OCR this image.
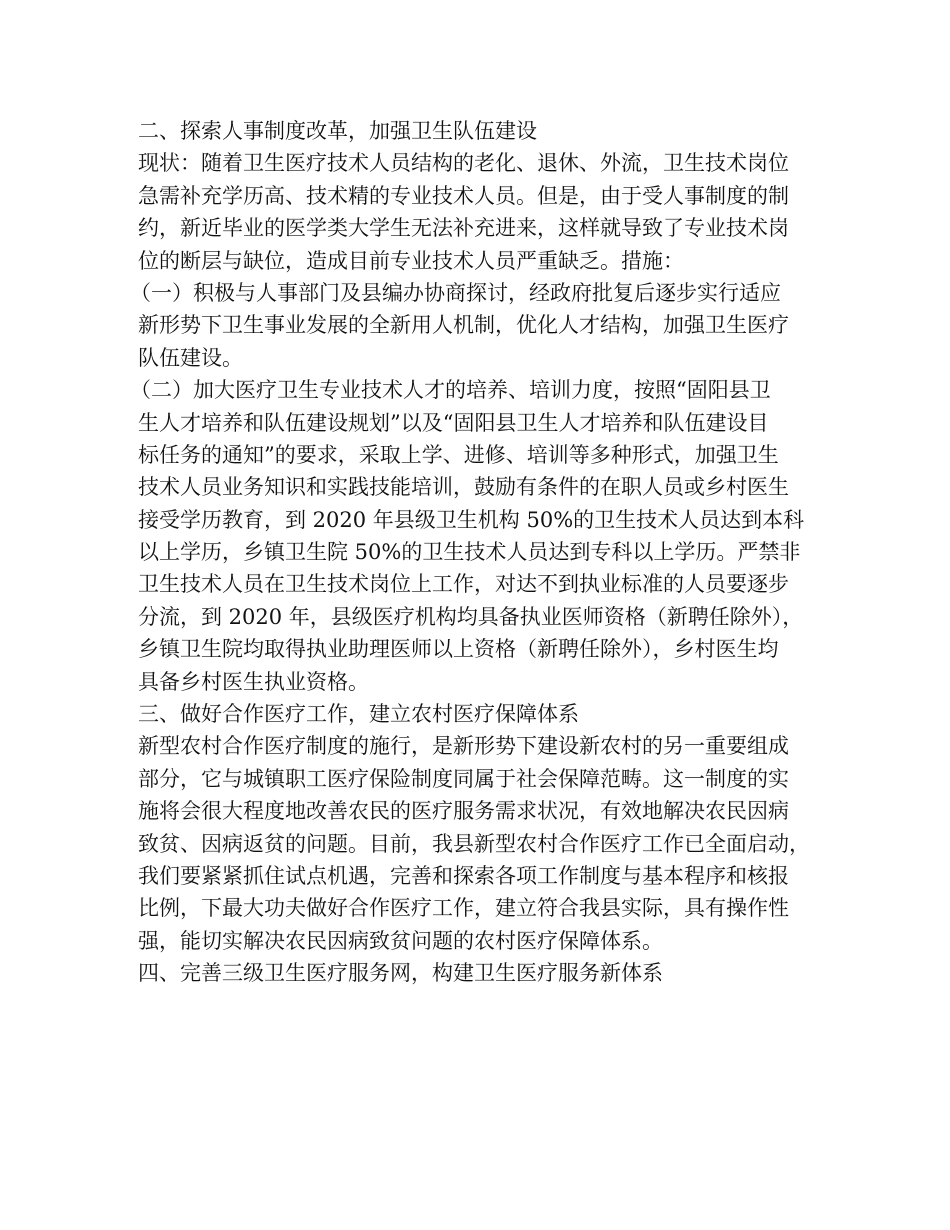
二、探索人事制度改革，加强卫生队伍建设
现状：随着卫生医疗技术人员结构的老化、退休、外流，卫生技术岗位
急需补充学历高、技术精的专业技术人员。但是，由于受人事制度的制
约，新近毕业的医学类大学生无法补充进来，这样就导致了专业技术岗
位的断层与缺位，造成目前专业技术人员严重缺乏。措施：
（一）积极与人事部门及县编办协商探讨，经政府批复后逐步实行适应
新形势下卫生事业发展的全新用人机制，优化人才结构，加强卫生医疗
队伍建设。
（二）加大医疗卫生专业技术人才的培养、培训力度，按照“固阳县卫
生人才培养和队伍建设规划”以及“固阳县卫生人才培养和队伍建设目
标任务的通知”的要求，采取上学、进修、培训等多种形式，加强卫生
技术人员业务知识和实践技能培训，鼓励有条件的在职人员或乡村医生
接受学历教育，到 2020 年县级卫生机构 50%的卫生技术人员达到本科
以上学历，乡镇卫生院 50%的卫生技术人员达到专科以上学历。严禁非
卫生技术人员在卫生技术岗位上工作，对达不到执业标准的人员要逐步
分流，到 2020 年，县级医疗机构均具备执业医师资格（新聘任除外），
乡镇卫生院均取得执业助理医师以上资格（新聘任除外），乡村医生均
具备乡村医生执业资格。
三、做好合作医疗工作，建立农村医疗保障体系
新型农村合作医疗制度的施行，是新形势下建设新农村的另一重要组成
部分，它与城镇职工医疗保险制度同属于社会保障范畴。这一制度的实
施将会很大程度地改善农民的医疗服务需求状况，有效地解决农民因病
致贫、因病返贫的问题。目前，我县新型农村合作医疗工作已全面启动，
我们要紧紧抓住试点机遇，完善和探索各项工作制度与基本程序和核报
比例，下最大功夫做好合作医疗工作，建立符合我县实际，具有操作性
强，能切实解决农民因病致贫问题的农村医疗保障体系。
四、完善三级卫生医疗服务网，构建卫生医疗服务新体系
